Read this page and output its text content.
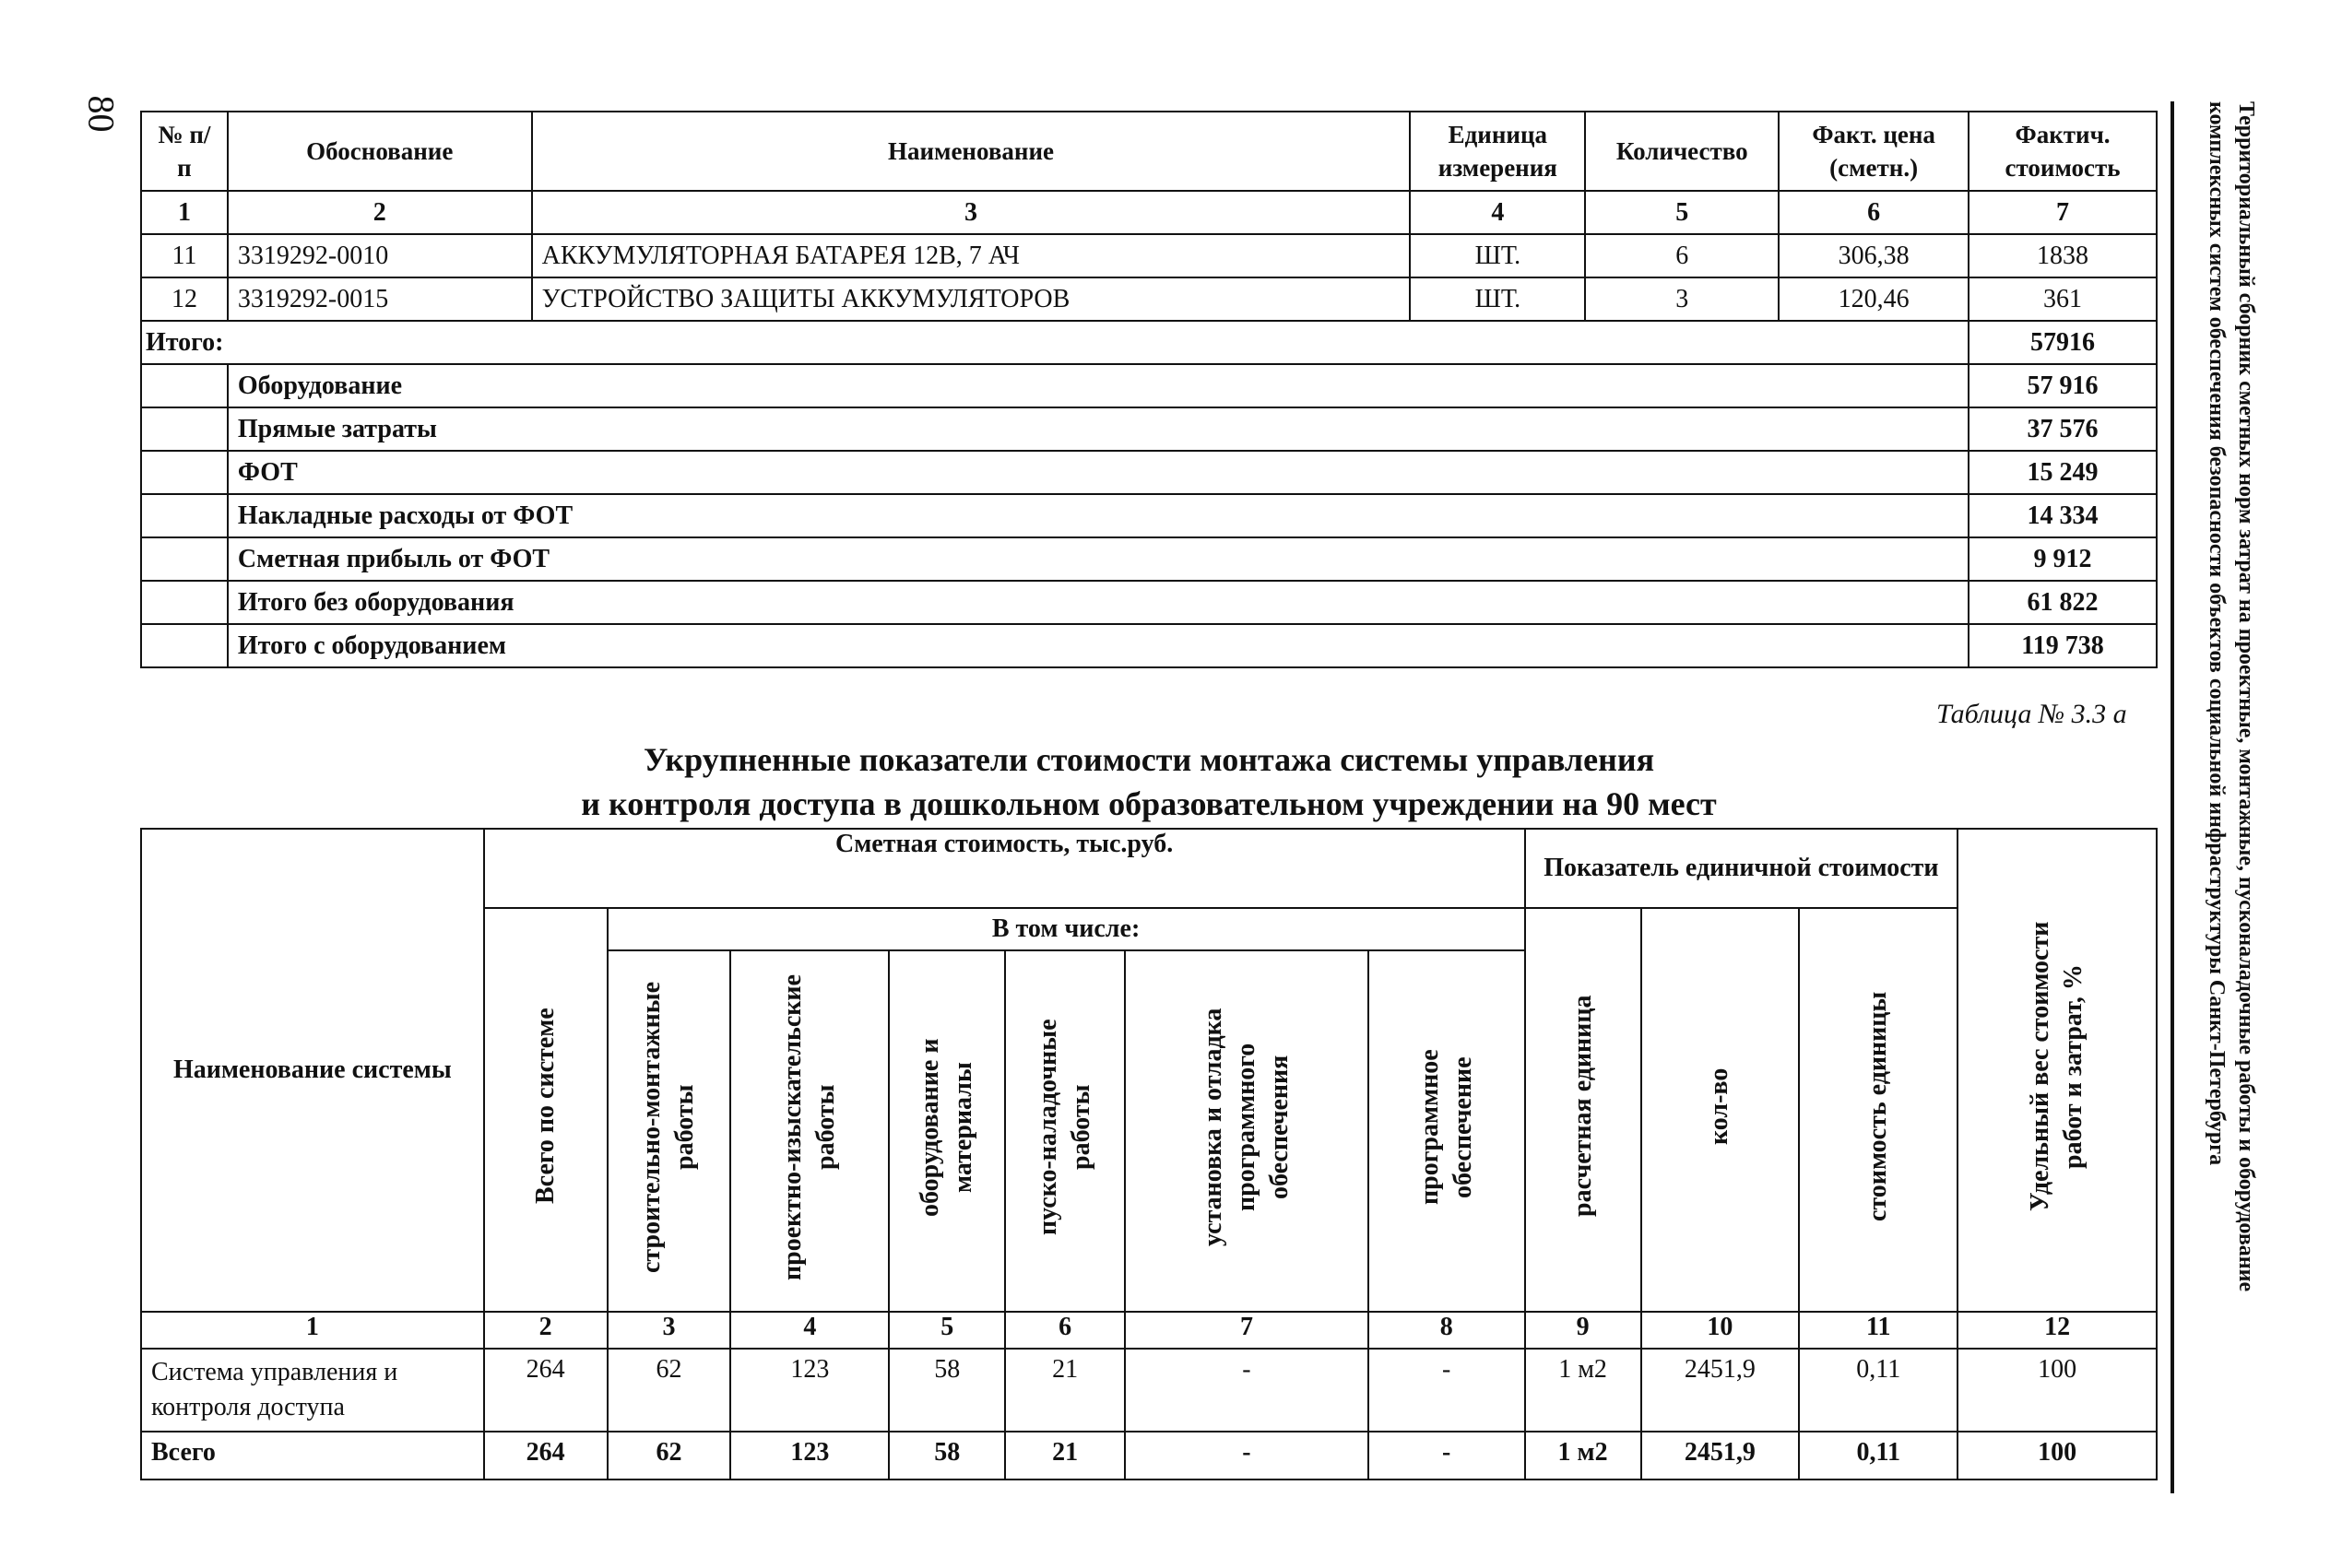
80	Территориальный сборник сметных норм затрат на проектные, монтажные, пусконаладочные работы и оборудование
комплексных систем обеспечения безопасности объектов социальной инфраструктуры Санкт-Петербурга
№ п/п	Обоснование	Наименование	Единица измерения	Количество	Факт. цена (сметн.)	Фактич. стоимость
1	2	3	4	5	6	7
11	3319292-0010	АККУМУЛЯТОРНАЯ БАТАРЕЯ 12В, 7 АЧ	ШТ.	6	306,38	1838
12	3319292-0015	УСТРОЙСТВО ЗАЩИТЫ АККУМУЛЯТОРОВ	ШТ.	3	120,46	361
Итого:						57916
	Оборудование					57 916
	Прямые затраты					37 576
	ФОТ					15 249
	Накладные расходы от ФОТ					14 334
	Сметная прибыль от ФОТ					9 912
	Итого без оборудования					61 822
	Итого с оборудованием					119 738
Таблица № 3.3 а
Укрупненные показатели стоимости монтажа системы управления
и контроля доступа в дошкольном образовательном учреждении на 90 мест
Наименование системы	Сметная стоимость, тыс.руб.							Показатель единичной стоимости			Удельный вес стоимости работ и затрат, %
	Всего по системе	В том числе:						расчетная единица	кол-во	стоимость единицы	
		строительно-монтажные работы	проектно-изыскательские работы	оборудование и материалы	пуско-наладочные работы	установка и отладка программного обеспечения	программное обеспечение				
1	2	3	4	5	6	7	8	9	10	11	12
Система управления и контроля доступа	264	62	123	58	21	-	-	1 м2	2451,9	0,11	100
Всего	264	62	123	58	21	-	-	1 м2	2451,9	0,11	100
